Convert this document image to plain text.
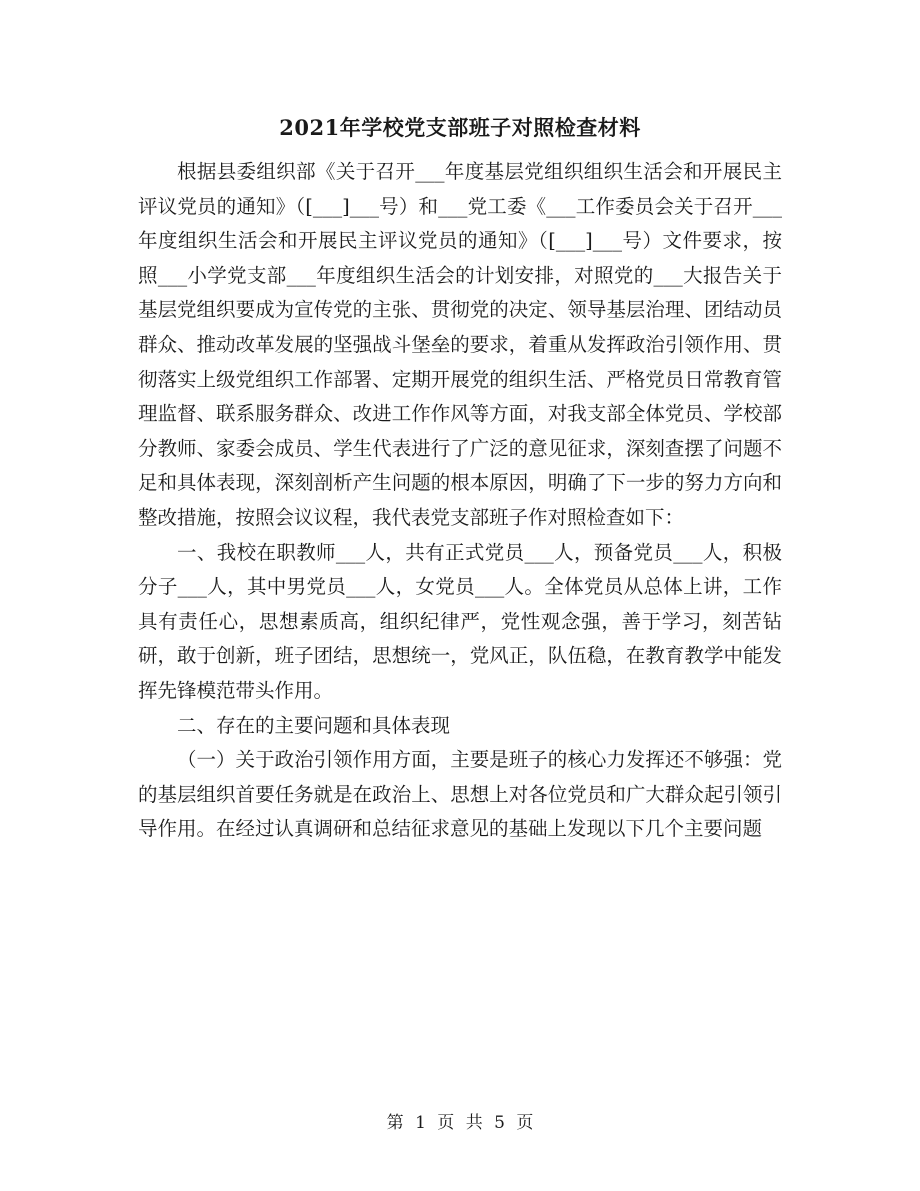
2021年学校党支部班子对照检查材料

根据县委组织部《关于召开___年度基层党组织组织生活会和开展民主评议党员的通知》（[___]___号）和___党工委《___工作委员会关于召开___年度组织生活会和开展民主评议党员的通知》（[___]___号）文件要求，按照___小学党支部___年度组织生活会的计划安排，对照党的___大报告关于基层党组织要成为宣传党的主张、贯彻党的决定、领导基层治理、团结动员群众、推动改革发展的坚强战斗堡垒的要求，着重从发挥政治引领作用、贯彻落实上级党组织工作部署、定期开展党的组织生活、严格党员日常教育管理监督、联系服务群众、改进工作作风等方面，对我支部全体党员、学校部分教师、家委会成员、学生代表进行了广泛的意见征求，深刻查摆了问题不足和具体表现，深刻剖析产生问题的根本原因，明确了下一步的努力方向和整改措施，按照会议议程，我代表党支部班子作对照检查如下：

一、我校在职教师___人，共有正式党员___人，预备党员___人，积极分子___人，其中男党员___人，女党员___人。全体党员从总体上讲，工作具有责任心，思想素质高，组织纪律严，党性观念强，善于学习，刻苦钻研，敢于创新，班子团结，思想统一，党风正，队伍稳，在教育教学中能发挥先锋模范带头作用。

二、存在的主要问题和具体表现

（一）关于政治引领作用方面，主要是班子的核心力发挥还不够强：党的基层组织首要任务就是在政治上、思想上对各位党员和广大群众起引领引导作用。在经过认真调研和总结征求意见的基础上发现以下几个主要问题

第 1 页 共 5 页
